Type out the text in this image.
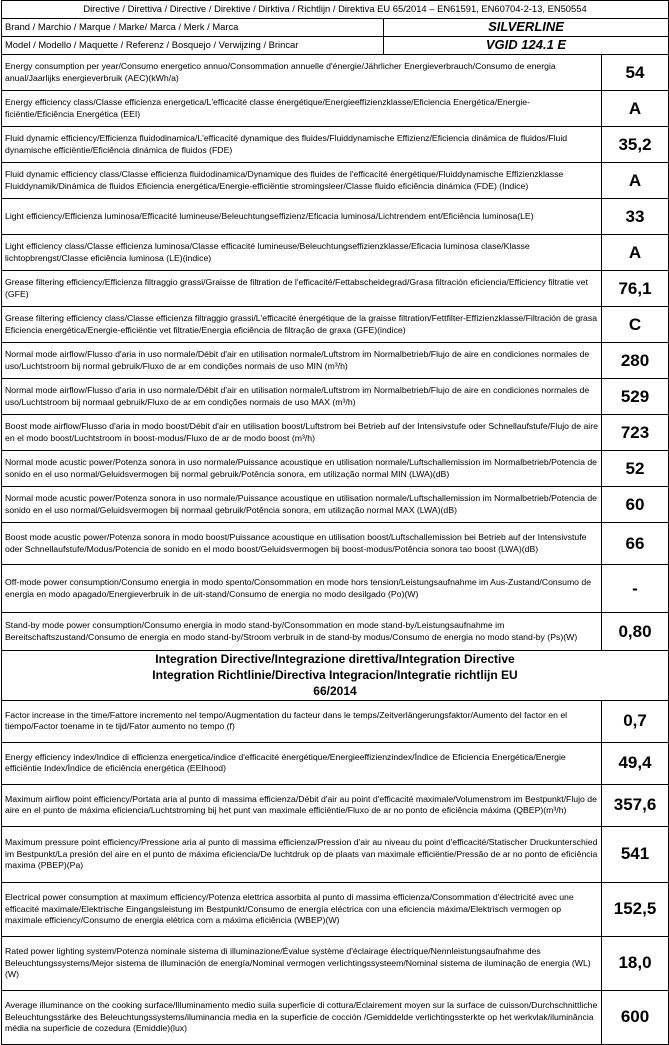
Directive / Direttiva / Directive / Direktive / Dirktiva / Richtlijn / Direktiva EU 65/2014 – EN61591, EN60704-2-13, EN50554		
Brand / Marchio / Marque / Marke/ Marca / Merk / Marca	SILVERLINE	
Model / Modello / Maquette / Referenz / Bosquejo / Verwijzing / Brincar	VGID 124.1 E	
Energy consumption per year/Consumo energetico annuo/Consommation annuelle d'énergie/Jährlicher Energieverbrauch/Consumo de energia anual/Jaarlijks energieverbruik (AEC)(kWh/a)		54
Energy efficiency class/Classe efficienza energetica/L'efficacité classe énergétique/Energieeffizienzklasse/Eficiencia Energética/Energie-ficiëntie/Eficiência Energética (EEI)		A
Fluid dynamic efficiency/Efficienza fluidodinamica/L'efficacité dynamique des fluides/Fluiddynamische Effizienz/Eficiencia dinámica de fluidos/Fluid dynamische efficiëntie/Eficiência dinámica de fluidos (FDE)		35,2
Fluid dynamic efficiency class/Classe efficienza fluidodinamica/Dynamique des fluides de l'efficacité énergétique/Fluiddynamische Effizienzklasse Fluiddynamik/Dinámica de fluidos Eficiencia energética/Energie-efficiëntie stromingsleer/Classe fluido eficiência dinámica (FDE) (Indice)		A
Light efficiency/Efficienza luminosa/Efficacité lumineuse/Beleuchtungseffizienz/Eficacia luminosa/Lichtrendem ent/Eficiência luminosa(LE)		33
Light efficiency class/Classe efficienza luminosa/Classe efficacité lumineuse/Beleuchtungseffizienzklasse/Eficacia luminosa clase/Klasse lichtopbrengst/Classe eficiência luminosa (LE)(indice)		A
Grease filtering efficiency/Efficienza filtraggio grassi/Graisse de filtration de l'efficacité/Fettabscheidegrad/Grasa filtración eficiencia/Efficiency filtratie vet (GFE)		76,1
Grease filtering efficiency class/Classe efficienza filtraggio grassi/L'efficacité énergétique de la graisse filtration/Fettfilter-Effizienzklasse/Filtración de grasa Eficiencia energética/Energie-efficiëntie vet filtratie/Energia eficiência de filtração de graxa (GFE)(indice)		C
Normal mode airflow/Flusso d'aria in uso normale/Débit d'air en utilisation normale/Luftstrom im Normalbetrieb/Flujo de aire en condiciones normales de uso/Luchtstroom bij normal gebruik/Fluxo de ar em condições normais de uso MIN (m³/h)		280
Normal mode airflow/Flusso d'aria in uso normale/Débit d'air en utilisation normale/Luftstrom im Normalbetrieb/Flujo de aire en condiciones normales de uso/Luchtstroom bij normaal gebruik/Fluxo de ar em condições normais de uso MAX (m³/h)		529
Boost mode airflow/Flusso d'aria in modo boost/Débit d'air en utilisation boost/Luftstrom bei Betrieb auf der Intensivstufe oder Schnellaufstufe/Flujo de aire en el modo boost/Luchtstroom in boost-modus/Fluxo de ar de modo boost (m³/h)		723
Normal mode acustic power/Potenza sonora in uso normale/Puissance acoustique en utilisation normale/Luftschallemission im Normalbetrieb/Potencia de sonido en el uso normal/Geluidsvermogen bij normal gebruik/Potência sonora, em utilização normal MIN (LWA)(dB)		52
Normal mode acustic power/Potenza sonora in uso normale/Puissance acoustique en utilisation normale/Luftschallemission im Normalbetrieb/Potencia de sonido en el uso normal/Geluidsvermogen bij normaal gebruik/Potência sonora, em utilização normal MAX (LWA)(dB)		60
Boost mode acustic power/Potenza sonora in modo boost/Puissance acoustique en utilisation boost/Luftschallemission bei Betrieb auf der Intensivstufe oder Schnellaufstufe/Modus/Potencia de sonido en el modo boost/Geluidsvermogen bij boost-modus/Potência sonora tao boost (LWA)(dB)		66
Off-mode power consumption/Consumo energia in modo spento/Consommation en mode hors tension/Leistungsaufnahme im Aus-Zustand/Consumo de energia en modo apagado/Energieverbruik in de uit-stand/Consumo de energia no modo desilgado (Po)(W)		-
Stand-by mode power consumption/Consumo energia in modo stand-by/Consommation en mode stand-by/Leistungsaufnahme im Bereitschaftszustand/Consumo de energia en modo stand-by/Stroom verbruik in de stand-by modus/Consumo de energia no modo stand-by (Ps)(W)		0,80

Integration Directive/Integrazione direttiva/Integration Directive Integration Richtlinie/Directiva Integracion/Integratie richtlijn EU 66/2014		

Factor increase in the time/Fattore incremento nel tempo/Augmentation du facteur dans le temps/Zeitverlängerungsfaktor/Aumento del factor en el tiempo/Factor toename in te tijd/Fator aumento no tempo (f)		0,7
Energy efficiency index/Indice di efficienza energetica/indice d'efficacité énergétique/Energieeffizienzindex/Índice de Eficiencia Energética/Energie efficiëntie Index/Índice de eficiência energética (EEIhood)		49,4
Maximum airflow point efficiency/Portata aria al punto di massima efficienza/Débit d'air au point d'efficacité maximale/Volumenstrom im Bestpunkt/Flujo de aire en el punto de máxima eficiencia/Luchtstroming bij het punt van maximale efficiëntie/Fluxo de ar no ponto de eficiência máxima (QBEP)(m³/h)		357,6
Maximum pressure point efficiency/Pressione aria al punto di massima efficienza/Pression d'air au niveau du point d'efficacité/Statischer Druckunterschied im Bestpunkt/La presión del aire en el punto de máxima eficiencia/De luchtdruk op de plaats van maximale efficiëntie/Pressão de ar no ponto de eficiência maxima (PBEP)(Pa)		541
Electrical power consumption at maximum efficiency/Potenza elettrica assorbita al punto di massima efficienza/Consommation d'électricité avec une efficacité maximale/Elektrische Eingangsleistung im Bestpunkt/Consumo de energía eléctrica con una eficiencia máxima/Elektrisch vermogen op maximale efficiency/Consumo de energia elétrica com a máxima eficiência (WBEP)(W)		152,5
Rated power lighting system/Potenza nominale sistema di illuminazione/Évalue système d'éclairage électrique/Nennleistungsaufnahme des Beleuchtungssystems/Mejor sistema de illuminación de energía/Nominal vermogen verlichtingssysteem/Nominal sistema de iluminação de energia (WL)(W)		18,0
Average illuminance on the cooking surface/Illuminamento medio suila superficie di cottura/Eclairement moyen sur la surface de cuisson/Durchschnittliche Beleuchtungsstärke des Beleuchtungssystems/iluminancia media en la superficie de cocción /Gemiddelde verlichtingssterkte op het werkvlak/iluminância média na superficie de cozedura (Emiddle)(lux)		600
